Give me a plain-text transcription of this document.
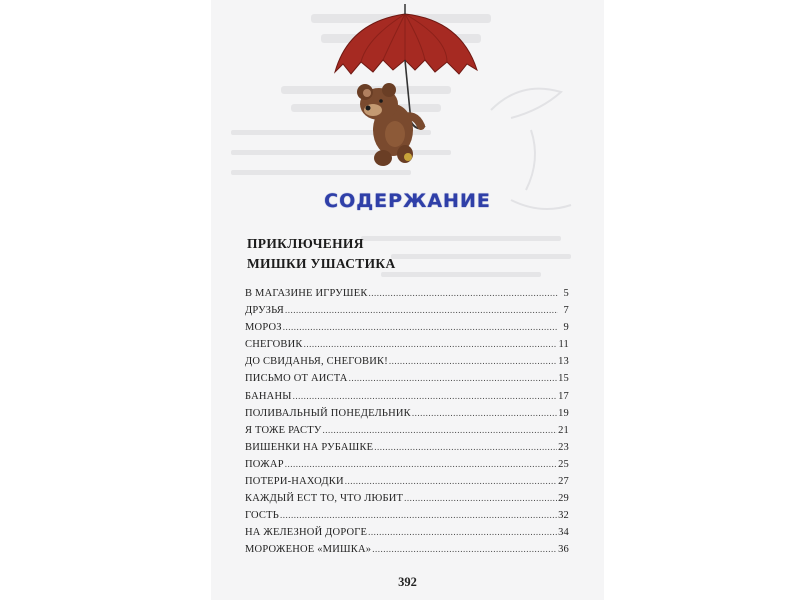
СОДЕРЖАНИЕ
ПРИКЛЮЧЕНИЯ
МИШКИ УШАСТИКА
В МАГАЗИНЕ ИГРУШЕК .....	5
ДРУЗЬЯ .....	7
МОРОЗ .....	9
СНЕГОВИК .....	11
ДО СВИДАНЬЯ, СНЕГОВИК! .....	13
ПИСЬМО ОТ АИСТА .....	15
БАНАНЫ .....	17
ПОЛИВАЛЬНЫЙ ПОНЕДЕЛЬНИК .....	19
Я ТОЖЕ РАСТУ .....	21
ВИШЕНКИ НА РУБАШКЕ .....	23
ПОЖАР .....	25
ПОТЕРИ-НАХОДКИ .....	27
КАЖДЫЙ ЕСТ ТО, ЧТО ЛЮБИТ .....	29
ГОСТЬ .....	32
НА ЖЕЛЕЗНОЙ ДОРОГЕ .....	34
МОРОЖЕНОЕ «МИШКА» .....	36
392
